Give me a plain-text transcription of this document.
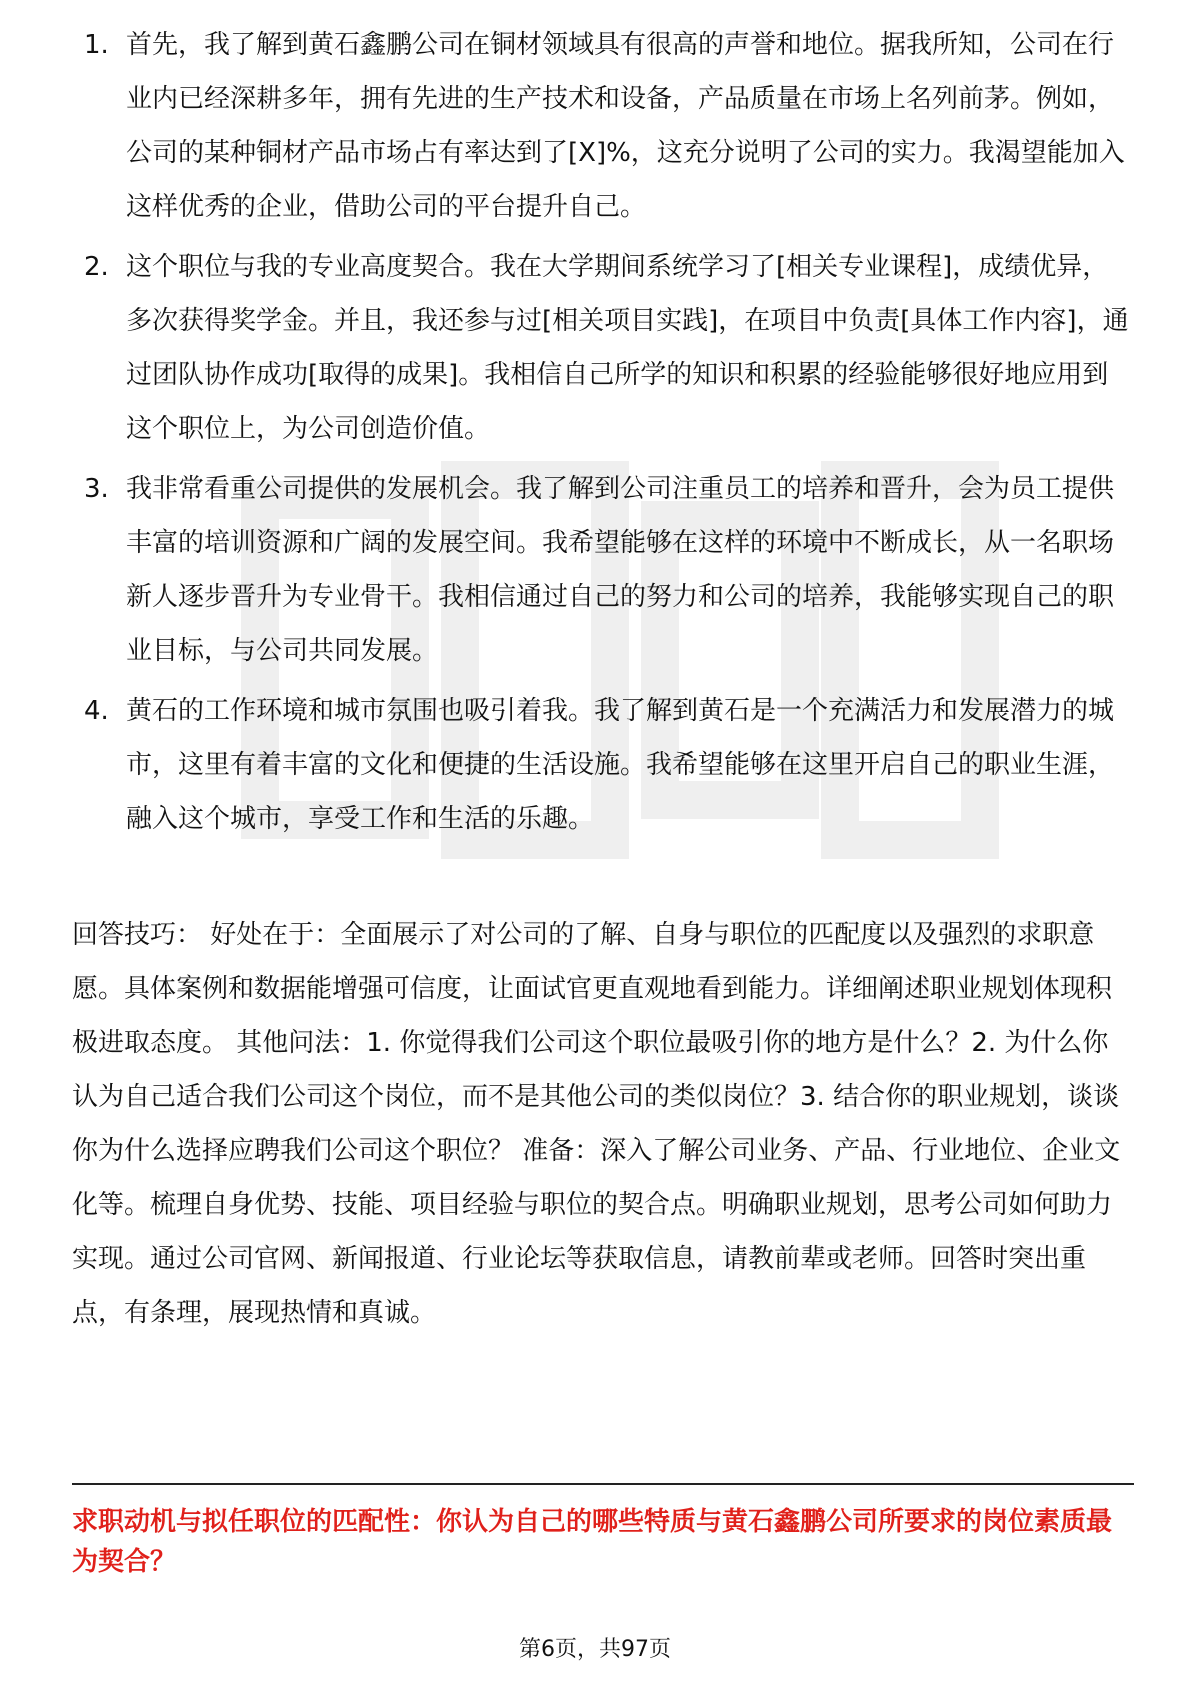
1. 首先，我了解到黄石鑫鹏公司在铜材领域具有很高的声誉和地位。据我所知，公司在行业内已经深耕多年，拥有先进的生产技术和设备，产品质量在市场上名列前茅。例如，公司的某种铜材产品市场占有率达到了[X]%，这充分说明了公司的实力。我渴望能加入这样优秀的企业，借助公司的平台提升自己。
2. 这个职位与我的专业高度契合。我在大学期间系统学习了[相关专业课程]，成绩优异，多次获得奖学金。并且，我还参与过[相关项目实践]，在项目中负责[具体工作内容]，通过团队协作成功[取得的成果]。我相信自己所学的知识和积累的经验能够很好地应用到这个职位上，为公司创造价值。
3. 我非常看重公司提供的发展机会。我了解到公司注重员工的培养和晋升，会为员工提供丰富的培训资源和广阔的发展空间。我希望能够在这样的环境中不断成长，从一名职场新人逐步晋升为专业骨干。我相信通过自己的努力和公司的培养，我能够实现自己的职业目标，与公司共同发展。
4. 黄石的工作环境和城市氛围也吸引着我。我了解到黄石是一个充满活力和发展潜力的城市，这里有着丰富的文化和便捷的生活设施。我希望能够在这里开启自己的职业生涯，融入这个城市，享受工作和生活的乐趣。

回答技巧： 好处在于：全面展示了对公司的了解、自身与职位的匹配度以及强烈的求职意愿。具体案例和数据能增强可信度，让面试官更直观地看到能力。详细阐述职业规划体现积极进取态度。 其他问法：1. 你觉得我们公司这个职位最吸引你的地方是什么？2. 为什么你认为自己适合我们公司这个岗位，而不是其他公司的类似岗位？3. 结合你的职业规划，谈谈你为什么选择应聘我们公司这个职位？ 准备：深入了解公司业务、产品、行业地位、企业文化等。梳理自身优势、技能、项目经验与职位的契合点。明确职业规划，思考公司如何助力实现。通过公司官网、新闻报道、行业论坛等获取信息，请教前辈或老师。回答时突出重点，有条理，展现热情和真诚。

求职动机与拟任职位的匹配性：你认为自己的哪些特质与黄石鑫鹏公司所要求的岗位素质最为契合？

第6页，共97页
